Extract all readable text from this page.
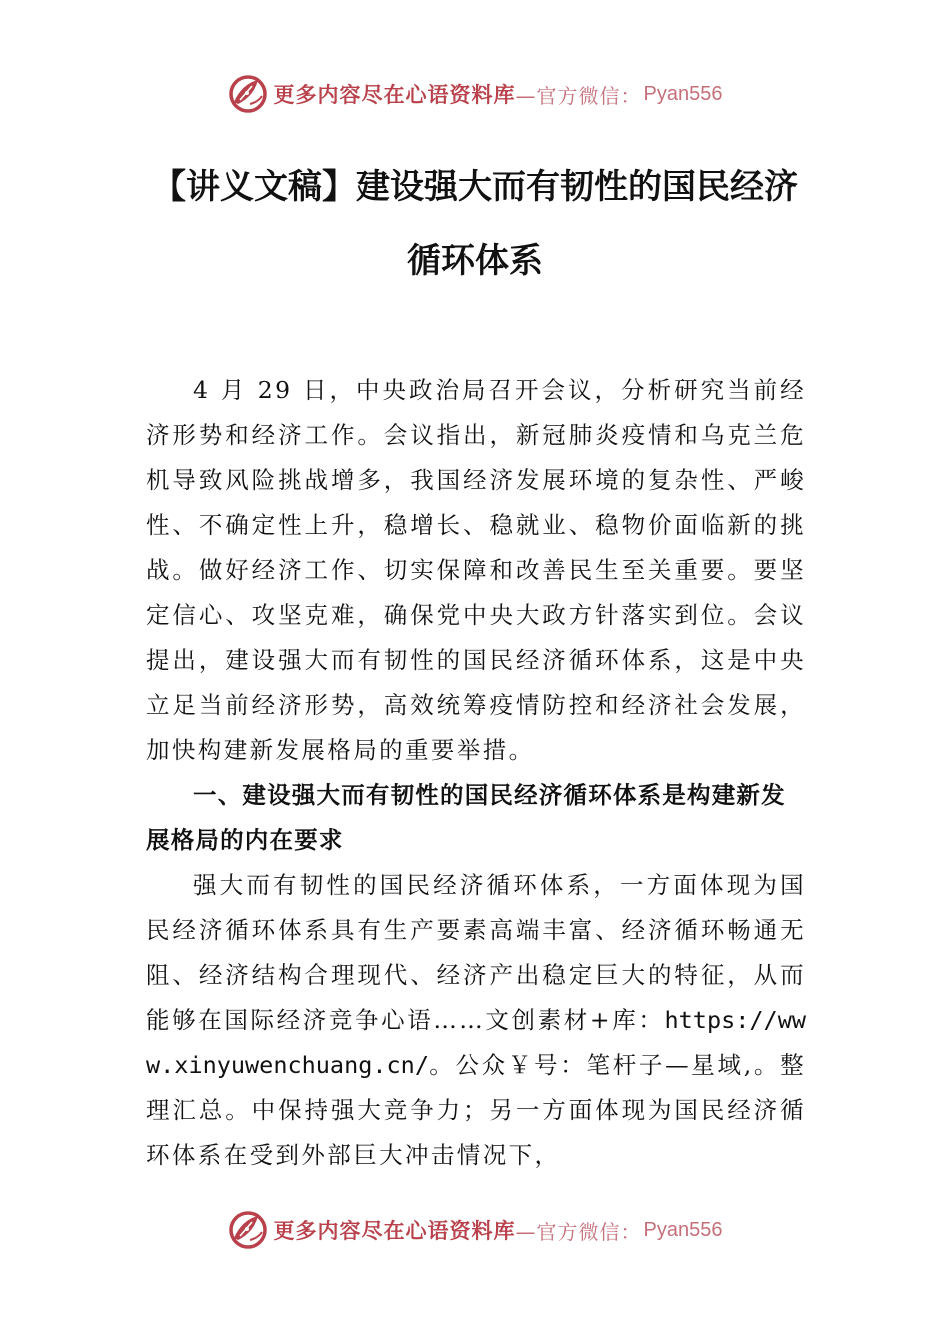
更多内容尽在心语资料库 —官方微信： Pyan556
【讲义文稿】建设强大而有韧性的国民经济
循环体系

4 月 29 日，中央政治局召开会议，分析研究当前经济形势和经济工作。会议指出，新冠肺炎疫情和乌克兰危机导致风险挑战增多，我国经济发展环境的复杂性、严峻性、不确定性上升，稳增长、稳就业、稳物价面临新的挑战。做好经济工作、切实保障和改善民生至关重要。要坚定信心、攻坚克难，确保党中央大政方针落实到位。会议提出，建设强大而有韧性的国民经济循环体系，这是中央立足当前经济形势，高效统筹疫情防控和经济社会发展，加快构建新发展格局的重要举措。

一、建设强大而有韧性的国民经济循环体系是构建新发展格局的内在要求

强大而有韧性的国民经济循环体系，一方面体现为国民经济循环体系具有生产要素高端丰富、经济循环畅通无阻、经济结构合理现代、经济产出稳定巨大的特征，从而能够在国际经济竞争心语……文创素材+库：https://www.xinyuwenchuang.cn/。公众￥号：笔杆子—星域,。整理汇总。中保持强大竞争力；另一方面体现为国民经济循环体系在受到外部巨大冲击情况下，

更多内容尽在心语资料库 —官方微信： Pyan556
